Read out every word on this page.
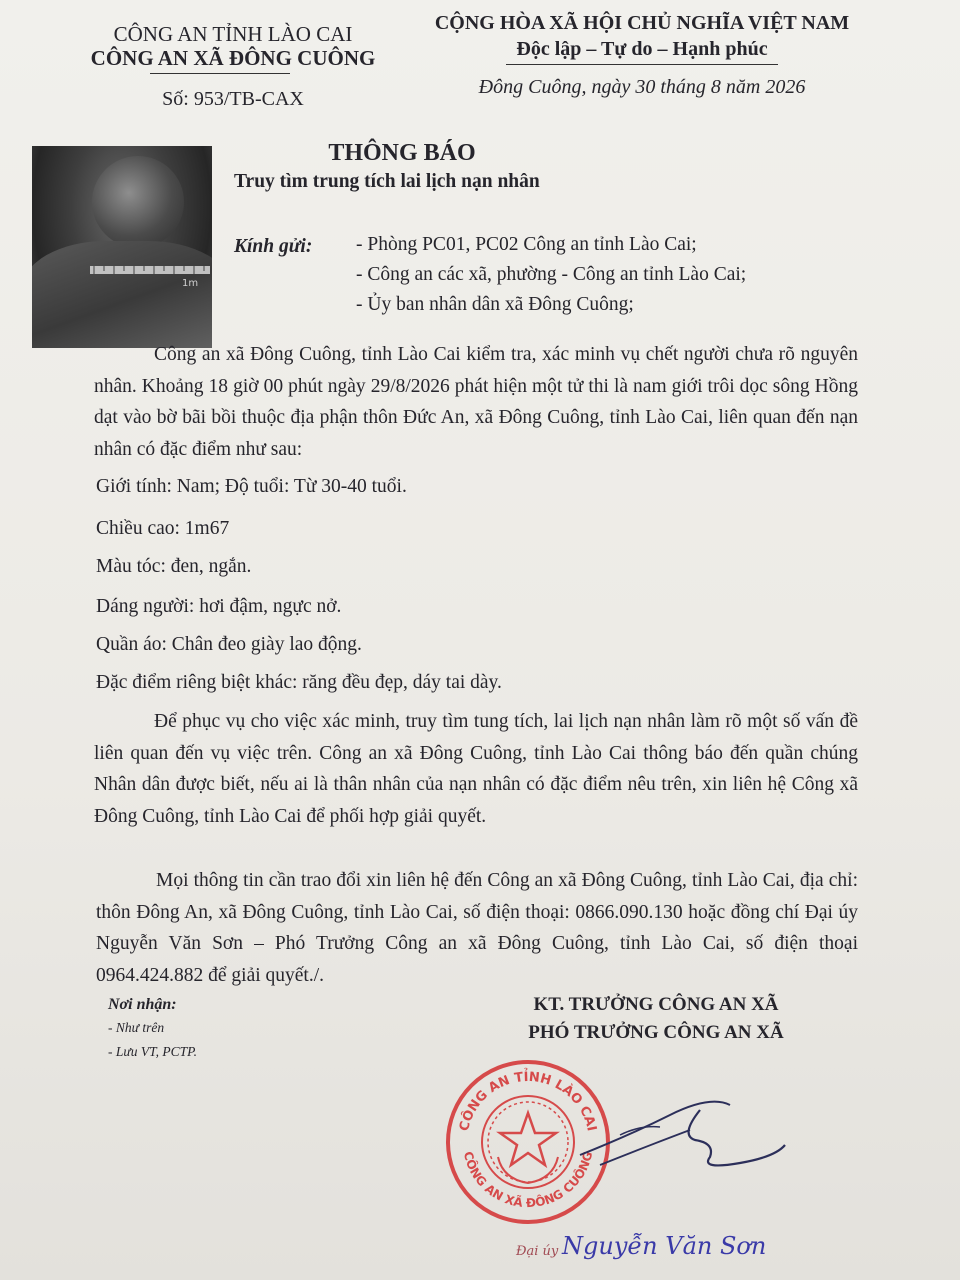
CÔNG AN TỈNH LÀO CAI
CÔNG AN XÃ ĐÔNG CUÔNG
Số: 953/TB-CAX
CỘNG HÒA XÃ HỘI CHỦ NGHĨA VIỆT NAM
Độc lập – Tự do – Hạnh phúc
Đông Cuông, ngày 30 tháng 8 năm 2026
1m
THÔNG BÁO
Truy tìm trung tích lai lịch nạn nhân
Kính gửi: - Phòng PC01, PC02 Công an tỉnh Lào Cai;
- Công an các xã, phường - Công an tỉnh Lào Cai;
- Ủy ban nhân dân xã Đông Cuông;
Công an xã Đông Cuông, tỉnh Lào Cai kiểm tra, xác minh vụ chết người chưa rõ nguyên nhân. Khoảng 18 giờ 00 phút ngày 29/8/2026 phát hiện một tử thi là nam giới trôi dọc sông Hồng dạt vào bờ bãi bồi thuộc địa phận thôn Đức An, xã Đông Cuông, tỉnh Lào Cai, liên quan đến nạn nhân có đặc điểm như sau:
Giới tính: Nam; Độ tuổi: Từ 30-40 tuổi.
Chiều cao: 1m67
Màu tóc: đen, ngắn.
Dáng người: hơi đậm, ngực nở.
Quần áo: Chân đeo giày lao động.
Đặc điểm riêng biệt khác: răng đều đẹp, dáy tai dày.
Để phục vụ cho việc xác minh, truy tìm tung tích, lai lịch nạn nhân làm rõ một số vấn đề liên quan đến vụ việc trên. Công an xã Đông Cuông, tỉnh Lào Cai thông báo đến quần chúng Nhân dân được biết, nếu ai là thân nhân của nạn nhân có đặc điểm nêu trên, xin liên hệ Công xã Đông Cuông, tỉnh Lào Cai để phối hợp giải quyết.
Mọi thông tin cần trao đổi xin liên hệ đến Công an xã Đông Cuông, tỉnh Lào Cai, địa chỉ: thôn Đông An, xã Đông Cuông, tỉnh Lào Cai, số điện thoại: 0866.090.130 hoặc đồng chí Đại úy Nguyễn Văn Sơn – Phó Trưởng Công an xã Đông Cuông, tỉnh Lào Cai, số điện thoại 0964.424.882 để giải quyết./.
Nơi nhận:
- Như trên
- Lưu VT, PCTP.
KT. TRƯỞNG CÔNG AN XÃ
PHÓ TRƯỞNG CÔNG AN XÃ
CÔNG AN TỈNH LÀO CAI
CÔNG AN XÃ ĐÔNG CUÔNG
Đại úy Nguyễn Văn Sơn
